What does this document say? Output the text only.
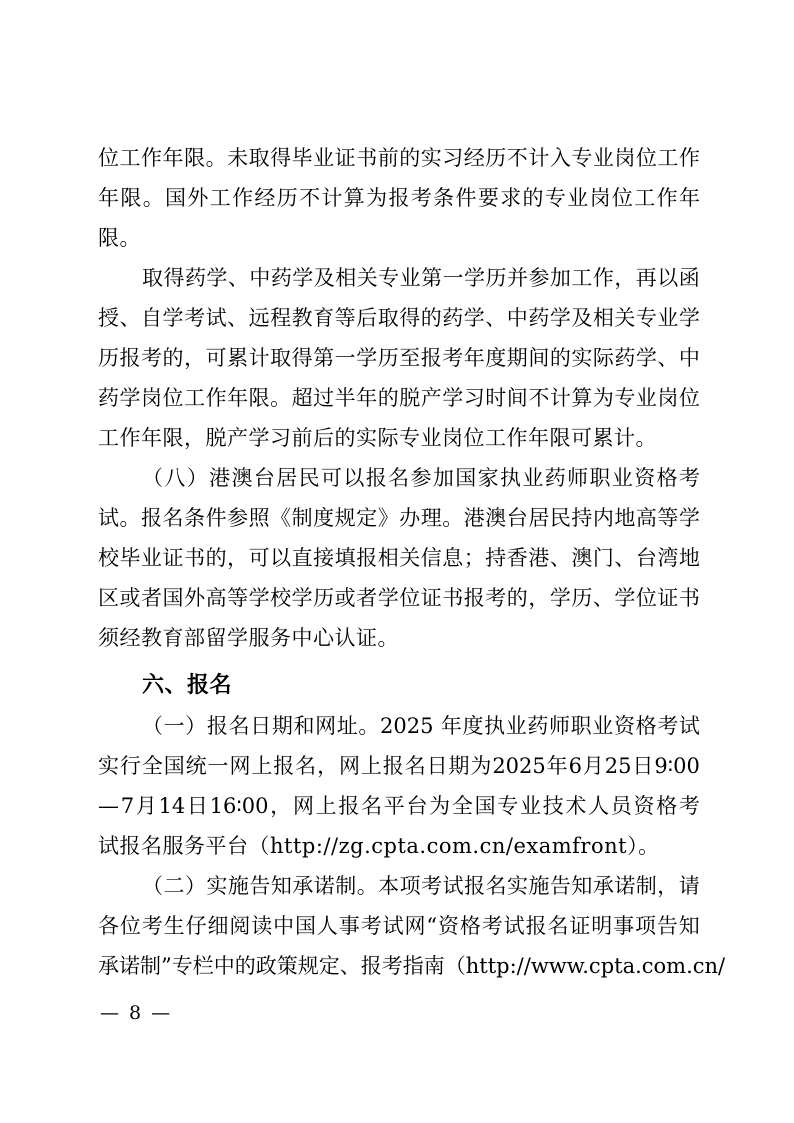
位 工 作 年 限 。 未 取 得 毕 业 证 书 前 的 实 习 经 历 不 计 入 专 业 岗 位 工 作
年 限 。 国 外 工 作 经 历 不 计 算 为 报 考 条 件 要 求 的 专 业 岗 位 工 作 年
限。
取 得 药 学 、 中 药 学 及 相 关 专 业 第 一 学 历 并 参 加 工 作 ， 再 以 函
授 、 自 学 考 试 、 远 程 教 育 等 后 取 得 的 药 学 、 中 药 学 及 相 关 专 业 学
历 报 考 的 ， 可 累 计 取 得 第 一 学 历 至 报 考 年 度 期 间 的 实 际 药 学 、 中
药 学 岗 位 工 作 年 限 。 超 过 半 年 的 脱 产 学 习 时 间 不 计 算 为 专 业 岗 位
工作年限，脱产学习前后的实际专业岗位工作年限可累计。
（ 八 ） 港 澳 台 居 民 可 以 报 名 参 加 国 家 执 业 药 师 职 业 资 格 考
试 。 报 名 条 件 参 照 《 制 度 规 定 》 办 理 。 港 澳 台 居 民 持 内 地 高 等 学
校 毕 业 证 书 的 ， 可 以 直 接 填 报 相 关 信 息 ； 持 香 港 、 澳 门 、 台 湾 地
区 或 者 国 外 高 等 学 校 学 历 或 者 学 位 证 书 报 考 的 ， 学 历 、 学 位 证 书
须经教育部留学服务中心认证。
六、报名
（ 一 ） 报 名 日 期 和 网 址 。 2025 年 度 执 业 药 师 职 业 资 格 考 试
实 行 全 国 统 一 网 上 报 名 ， 网 上 报 名 日 期 为 2025 年 6 月 25 日 9∶00
— 7 月 14 日 16∶00 ， 网 上 报 名 平 台 为 全 国 专 业 技 术 人 员 资 格 考
试报名服务平台（http://zg.cpta.com.cn/examfront）。
（ 二 ） 实 施 告 知 承 诺 制 。 本 项 考 试 报 名 实 施 告 知 承 诺 制 ， 请
各 位 考 生 仔 细 阅 读 中 国 人 事 考 试 网 “ 资 格 考 试 报 名 证 明 事 项 告 知
承 诺 制 ” 专 栏 中 的 政 策 规 定 、 报 考 指 南 （ http://www.cpta.com.cn/
— 8 —
